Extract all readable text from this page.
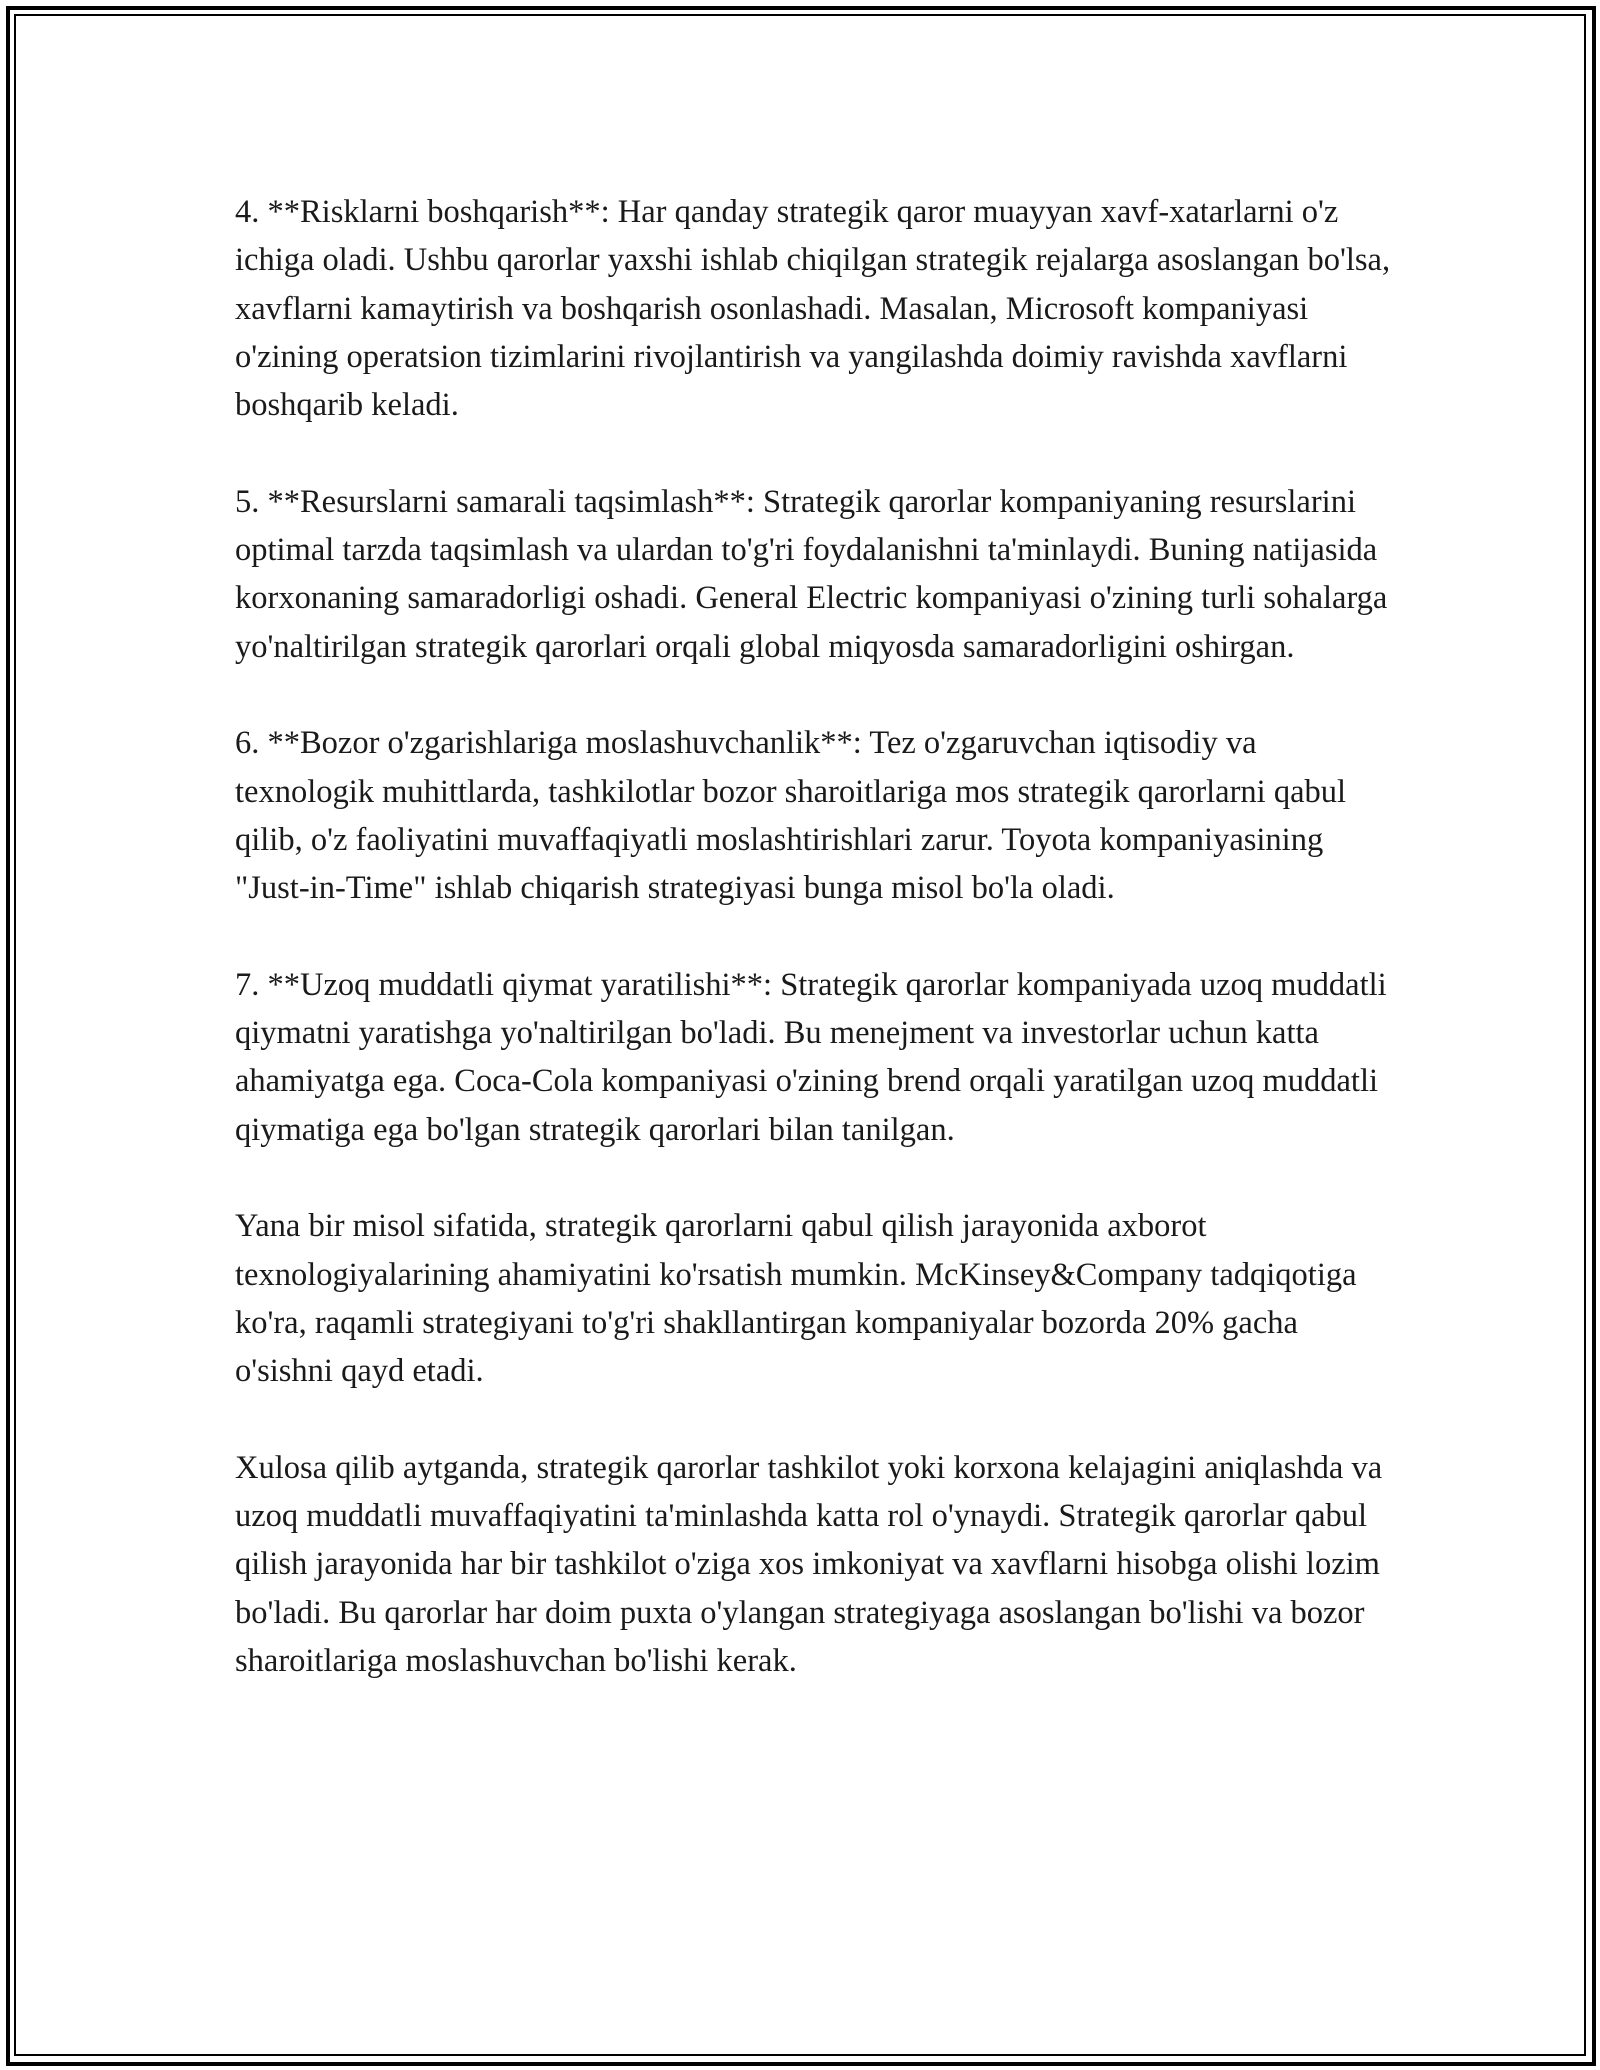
4. **Risklarni boshqarish**: Har qanday strategik qaror muayyan xavf-xatarlarni o'z ichiga oladi. Ushbu qarorlar yaxshi ishlab chiqilgan strategik rejalarga asoslangan bo'lsa, xavflarni kamaytirish va boshqarish osonlashadi. Masalan, Microsoft kompaniyasi o'zining operatsion tizimlarini rivojlantirish va yangilashda doimiy ravishda xavflarni boshqarib keladi.

5. **Resurslarni samarali taqsimlash**: Strategik qarorlar kompaniyaning resurslarini optimal tarzda taqsimlash va ulardan to'g'ri foydalanishni ta'minlaydi. Buning natijasida korxonaning samaradorligi oshadi. General Electric kompaniyasi o'zining turli sohalarga yo'naltirilgan strategik qarorlari orqali global miqyosda samaradorligini oshirgan.

6. **Bozor o'zgarishlariga moslashuvchanlik**: Tez o'zgaruvchan iqtisodiy va texnologik muhittlarda, tashkilotlar bozor sharoitlariga mos strategik qarorlarni qabul qilib, o'z faoliyatini muvaffaqiyatli moslashtirishlari zarur. Toyota kompaniyasining "Just-in-Time" ishlab chiqarish strategiyasi bunga misol bo'la oladi.

7. **Uzoq muddatli qiymat yaratilishi**: Strategik qarorlar kompaniyada uzoq muddatli qiymatni yaratishga yo'naltirilgan bo'ladi. Bu menejment va investorlar uchun katta ahamiyatga ega. Coca-Cola kompaniyasi o'zining brend orqali yaratilgan uzoq muddatli qiymatiga ega bo'lgan strategik qarorlari bilan tanilgan.

Yana bir misol sifatida, strategik qarorlarni qabul qilish jarayonida axborot texnologiyalarining ahamiyatini ko'rsatish mumkin. McKinsey&Company tadqiqotiga ko'ra, raqamli strategiyani to'g'ri shakllantirgan kompaniyalar bozorda 20% gacha o'sishni qayd etadi.

Xulosa qilib aytganda, strategik qarorlar tashkilot yoki korxona kelajagini aniqlashda va uzoq muddatli muvaffaqiyatini ta'minlashda katta rol o'ynaydi. Strategik qarorlar qabul qilish jarayonida har bir tashkilot o'ziga xos imkoniyat va xavflarni hisobga olishi lozim bo'ladi. Bu qarorlar har doim puxta o'ylangan strategiyaga asoslangan bo'lishi va bozor sharoitlariga moslashuvchan bo'lishi kerak.
